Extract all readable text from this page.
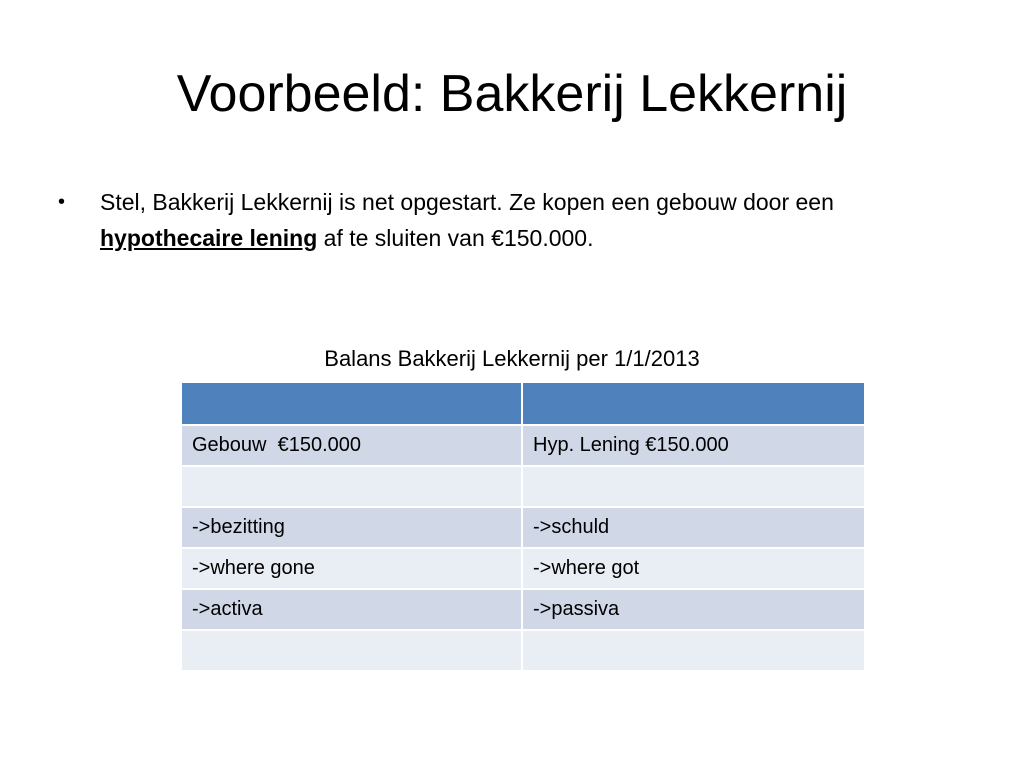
Voorbeeld: Bakkerij Lekkernij
•	Stel, Bakkerij Lekkernij is net opgestart. Ze kopen een gebouw door een hypothecaire lening af te sluiten van €150.000.
Balans Bakkerij Lekkernij per 1/1/2013

Gebouw  €150.000	Hyp. Lening €150.000

->bezitting	->schuld
->where gone	->where got
->activa	->passiva
